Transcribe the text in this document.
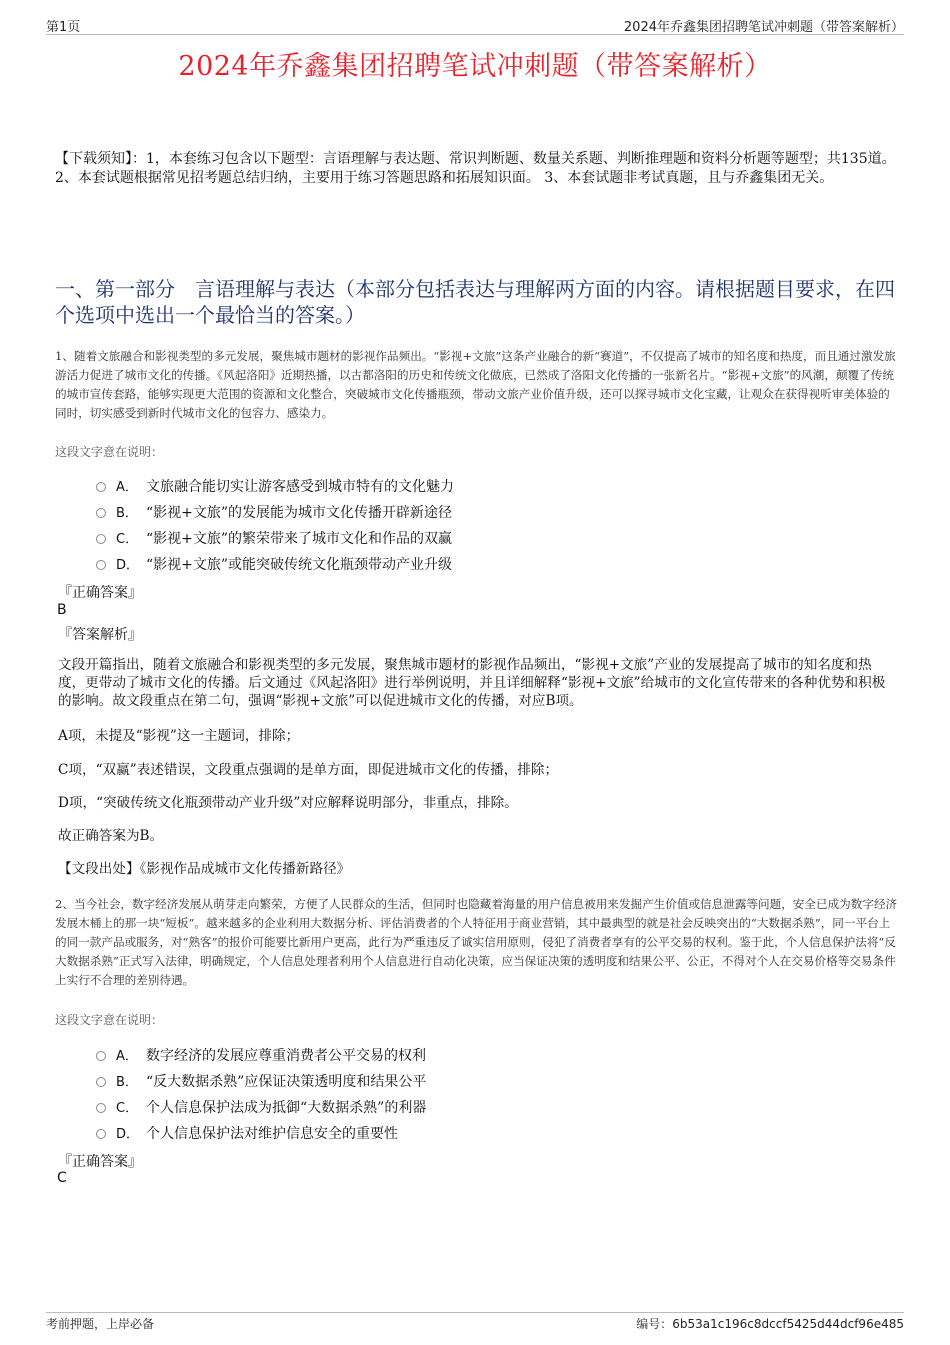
第1页	2024年乔鑫集团招聘笔试冲刺题（带答案解析）
2024年乔鑫集团招聘笔试冲刺题（带答案解析）
【下载须知】：1，本套练习包含以下题型：言语理解与表达题、常识判断题、数量关系题、判断推理题和资料分析题等题型；共135道。 2、本套试题根据常见招考题总结归纳，主要用于练习答题思路和拓展知识面。 3、本套试题非考试真题，且与乔鑫集团无关。
一、第一部分　言语理解与表达（本部分包括表达与理解两方面的内容。请根据题目要求，在四个选项中选出一个最恰当的答案。）
1、随着文旅融合和影视类型的多元发展，聚焦城市题材的影视作品频出。“影视+文旅”这条产业融合的新“赛道”，不仅提高了城市的知名度和热度，而且通过激发旅游活力促进了城市文化的传播。《风起洛阳》近期热播，以古都洛阳的历史和传统文化做底，已然成了洛阳文化传播的一张新名片。“影视+文旅”的风潮，颠覆了传统的城市宣传套路，能够实现更大范围的资源和文化整合，突破城市文化传播瓶颈，带动文旅产业价值升级，还可以探寻城市文化宝藏，让观众在获得视听审美体验的同时，切实感受到新时代城市文化的包容力、感染力。
这段文字意在说明：
A． 文旅融合能切实让游客感受到城市特有的文化魅力
B． “影视+文旅”的发展能为城市文化传播开辟新途径
C． “影视+文旅”的繁荣带来了城市文化和作品的双赢
D． “影视+文旅”或能突破传统文化瓶颈带动产业升级
『正确答案』
B
『答案解析』
文段开篇指出，随着文旅融合和影视类型的多元发展，聚焦城市题材的影视作品频出，“影视+文旅”产业的发展提高了城市的知名度和热度，更带动了城市文化的传播。后文通过《风起洛阳》进行举例说明，并且详细解释“影视+文旅”给城市的文化宣传带来的各种优势和积极的影响。故文段重点在第二句，强调“影视+文旅”可以促进城市文化的传播，对应B项。
A项，未提及“影视”这一主题词，排除；
C项，“双赢”表述错误，文段重点强调的是单方面，即促进城市文化的传播，排除；
D项，“突破传统文化瓶颈带动产业升级”对应解释说明部分，非重点，排除。
故正确答案为B。
【文段出处】《影视作品成城市文化传播新路径》
2、当今社会，数字经济发展从萌芽走向繁荣，方便了人民群众的生活，但同时也隐藏着海量的用户信息被用来发掘产生价值或信息泄露等问题，安全已成为数字经济发展木桶上的那一块“短板”。越来越多的企业利用大数据分析、评估消费者的个人特征用于商业营销，其中最典型的就是社会反映突出的“大数据杀熟”，同一平台上的同一款产品或服务，对“熟客”的报价可能要比新用户更高，此行为严重违反了诚实信用原则，侵犯了消费者享有的公平交易的权利。鉴于此，个人信息保护法将“反大数据杀熟”正式写入法律，明确规定，个人信息处理者利用个人信息进行自动化决策，应当保证决策的透明度和结果公平、公正，不得对个人在交易价格等交易条件上实行不合理的差别待遇。
这段文字意在说明：
A． 数字经济的发展应尊重消费者公平交易的权利
B． “反大数据杀熟”应保证决策透明度和结果公平
C． 个人信息保护法成为抵御“大数据杀熟”的利器
D． 个人信息保护法对维护信息安全的重要性
『正确答案』
C
考前押题，上岸必备	编号：6b53a1c196c8dccf5425d44dcf96e485
